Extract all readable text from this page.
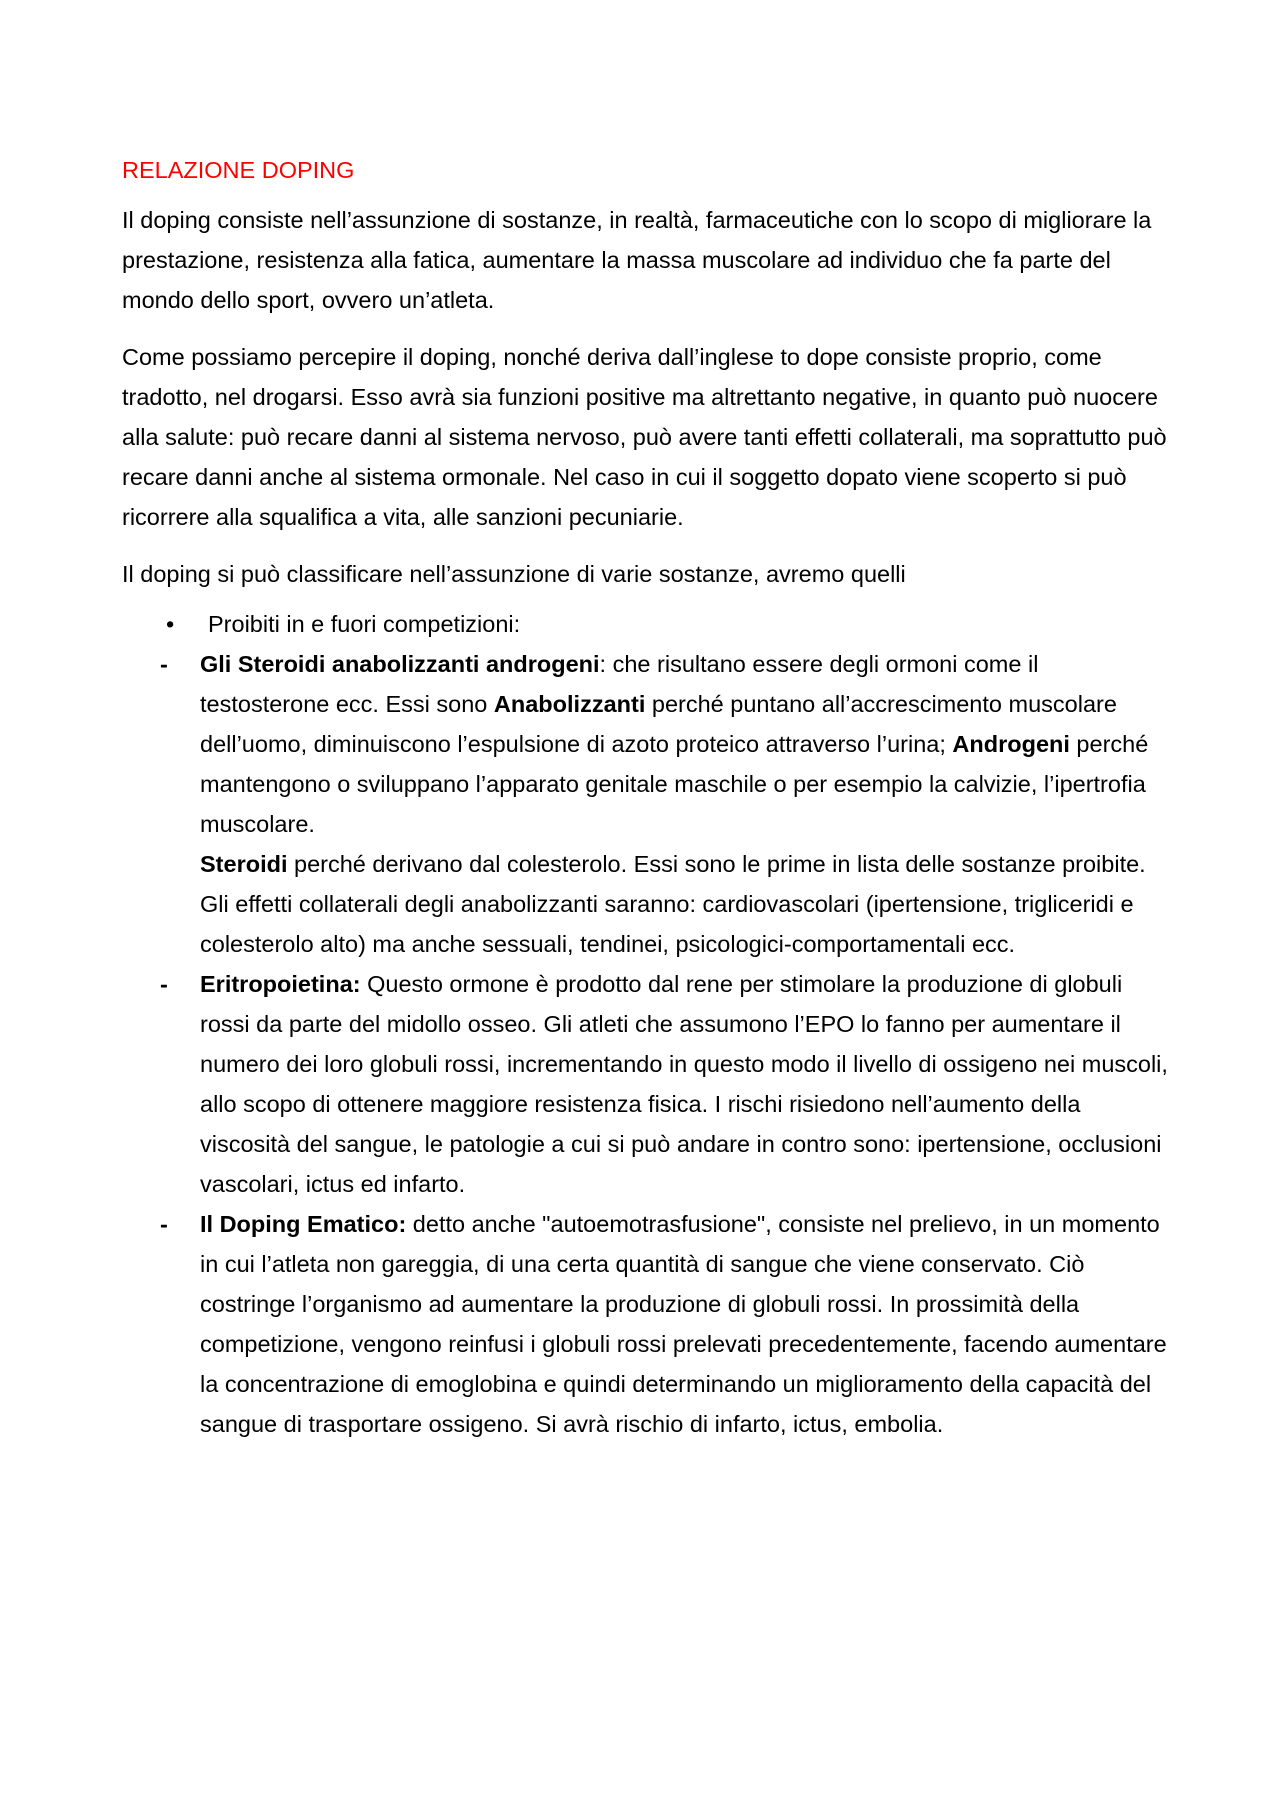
RELAZIONE DOPING

Il doping consiste nell’assunzione di sostanze, in realtà, farmaceutiche con lo scopo di migliorare la prestazione, resistenza alla fatica, aumentare la massa muscolare ad individuo che fa parte del mondo dello sport, ovvero un’atleta.

Come possiamo percepire il doping, nonché deriva dall’inglese to dope consiste proprio, come tradotto, nel drogarsi. Esso avrà sia funzioni positive ma altrettanto negative, in quanto può nuocere alla salute: può recare danni al sistema nervoso, può avere tanti effetti collaterali, ma soprattutto può recare danni anche al sistema ormonale. Nel caso in cui il soggetto dopato viene scoperto si può ricorrere alla squalifica a vita, alle sanzioni pecuniarie.

Il doping si può classificare nell’assunzione di varie sostanze, avremo quelli

•	Proibiti in e fuori competizioni:
-	Gli Steroidi anabolizzanti androgeni: che risultano essere degli ormoni come il testosterone ecc. Essi sono Anabolizzanti perché puntano all’accrescimento muscolare dell’uomo, diminuiscono l’espulsione di azoto proteico attraverso l’urina; Androgeni perché mantengono o sviluppano l’apparato genitale maschile o per esempio la calvizie, l’ipertrofia muscolare.
Steroidi perché derivano dal colesterolo. Essi sono le prime in lista delle sostanze proibite. Gli effetti collaterali degli anabolizzanti saranno: cardiovascolari (ipertensione, trigliceridi e colesterolo alto) ma anche sessuali, tendinei, psicologici-comportamentali ecc.
-	Eritropoietina: Questo ormone è prodotto dal rene per stimolare la produzione di globuli rossi da parte del midollo osseo. Gli atleti che assumono l’EPO lo fanno per aumentare il numero dei loro globuli rossi, incrementando in questo modo il livello di ossigeno nei muscoli, allo scopo di ottenere maggiore resistenza fisica. I rischi risiedono nell’aumento della viscosità del sangue, le patologie a cui si può andare in contro sono: ipertensione, occlusioni vascolari, ictus ed infarto.
-	Il Doping Ematico: detto anche "autoemotrasfusione", consiste nel prelievo, in un momento in cui l’atleta non gareggia, di una certa quantità di sangue che viene conservato. Ciò costringe l’organismo ad aumentare la produzione di globuli rossi. In prossimità della competizione, vengono reinfusi i globuli rossi prelevati precedentemente, facendo aumentare la concentrazione di emoglobina e quindi determinando un miglioramento della capacità del sangue di trasportare ossigeno. Si avrà rischio di infarto, ictus, embolia.
